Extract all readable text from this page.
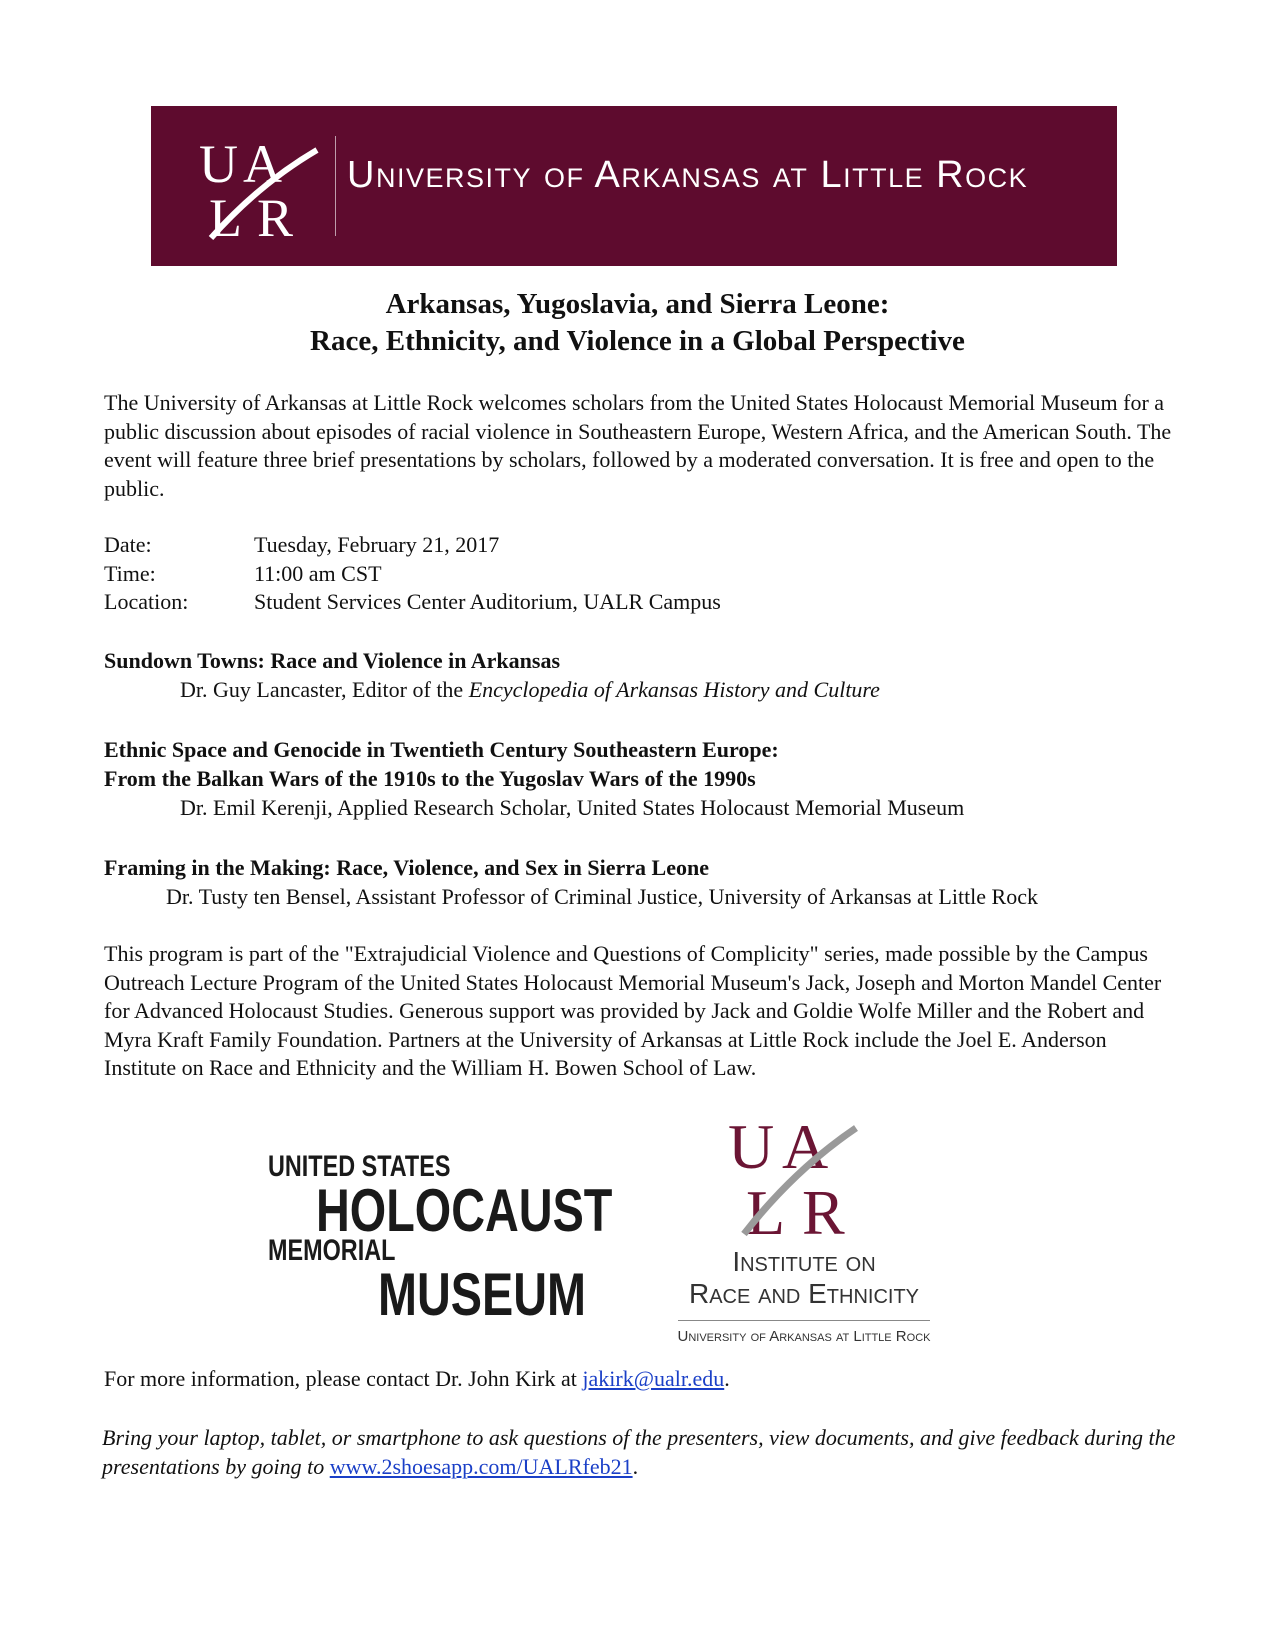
U A
L R
University of Arkansas at Little Rock
Arkansas, Yugoslavia, and Sierra Leone:
Race, Ethnicity, and Violence in a Global Perspective
The University of Arkansas at Little Rock welcomes scholars from the United States Holocaust Memorial Museum for a public discussion about episodes of racial violence in Southeastern Europe, Western Africa, and the American South. The event will feature three brief presentations by scholars, followed by a moderated conversation. It is free and open to the public.
Date:	Tuesday, February 21, 2017
Time:	11:00 am CST
Location:	Student Services Center Auditorium, UALR Campus
Sundown Towns: Race and Violence in Arkansas
Dr. Guy Lancaster, Editor of the Encyclopedia of Arkansas History and Culture
Ethnic Space and Genocide in Twentieth Century Southeastern Europe:
From the Balkan Wars of the 1910s to the Yugoslav Wars of the 1990s
Dr. Emil Kerenji, Applied Research Scholar, United States Holocaust Memorial Museum
Framing in the Making: Race, Violence, and Sex in Sierra Leone
Dr. Tusty ten Bensel, Assistant Professor of Criminal Justice, University of Arkansas at Little Rock
This program is part of the "Extrajudicial Violence and Questions of Complicity" series, made possible by the Campus Outreach Lecture Program of the United States Holocaust Memorial Museum's Jack, Joseph and Morton Mandel Center for Advanced Holocaust Studies. Generous support was provided by Jack and Goldie Wolfe Miller and the Robert and Myra Kraft Family Foundation. Partners at the University of Arkansas at Little Rock include the Joel E. Anderson Institute on Race and Ethnicity and the William H. Bowen School of Law.
UNITED STATES
HOLOCAUST
MEMORIAL
MUSEUM
U A
L R
Institute on
Race and Ethnicity
University of Arkansas at Little Rock
For more information, please contact Dr. John Kirk at jakirk@ualr.edu.
Bring your laptop, tablet, or smartphone to ask questions of the presenters, view documents, and give feedback during the presentations by going to www.2shoesapp.com/UALRfeb21.
